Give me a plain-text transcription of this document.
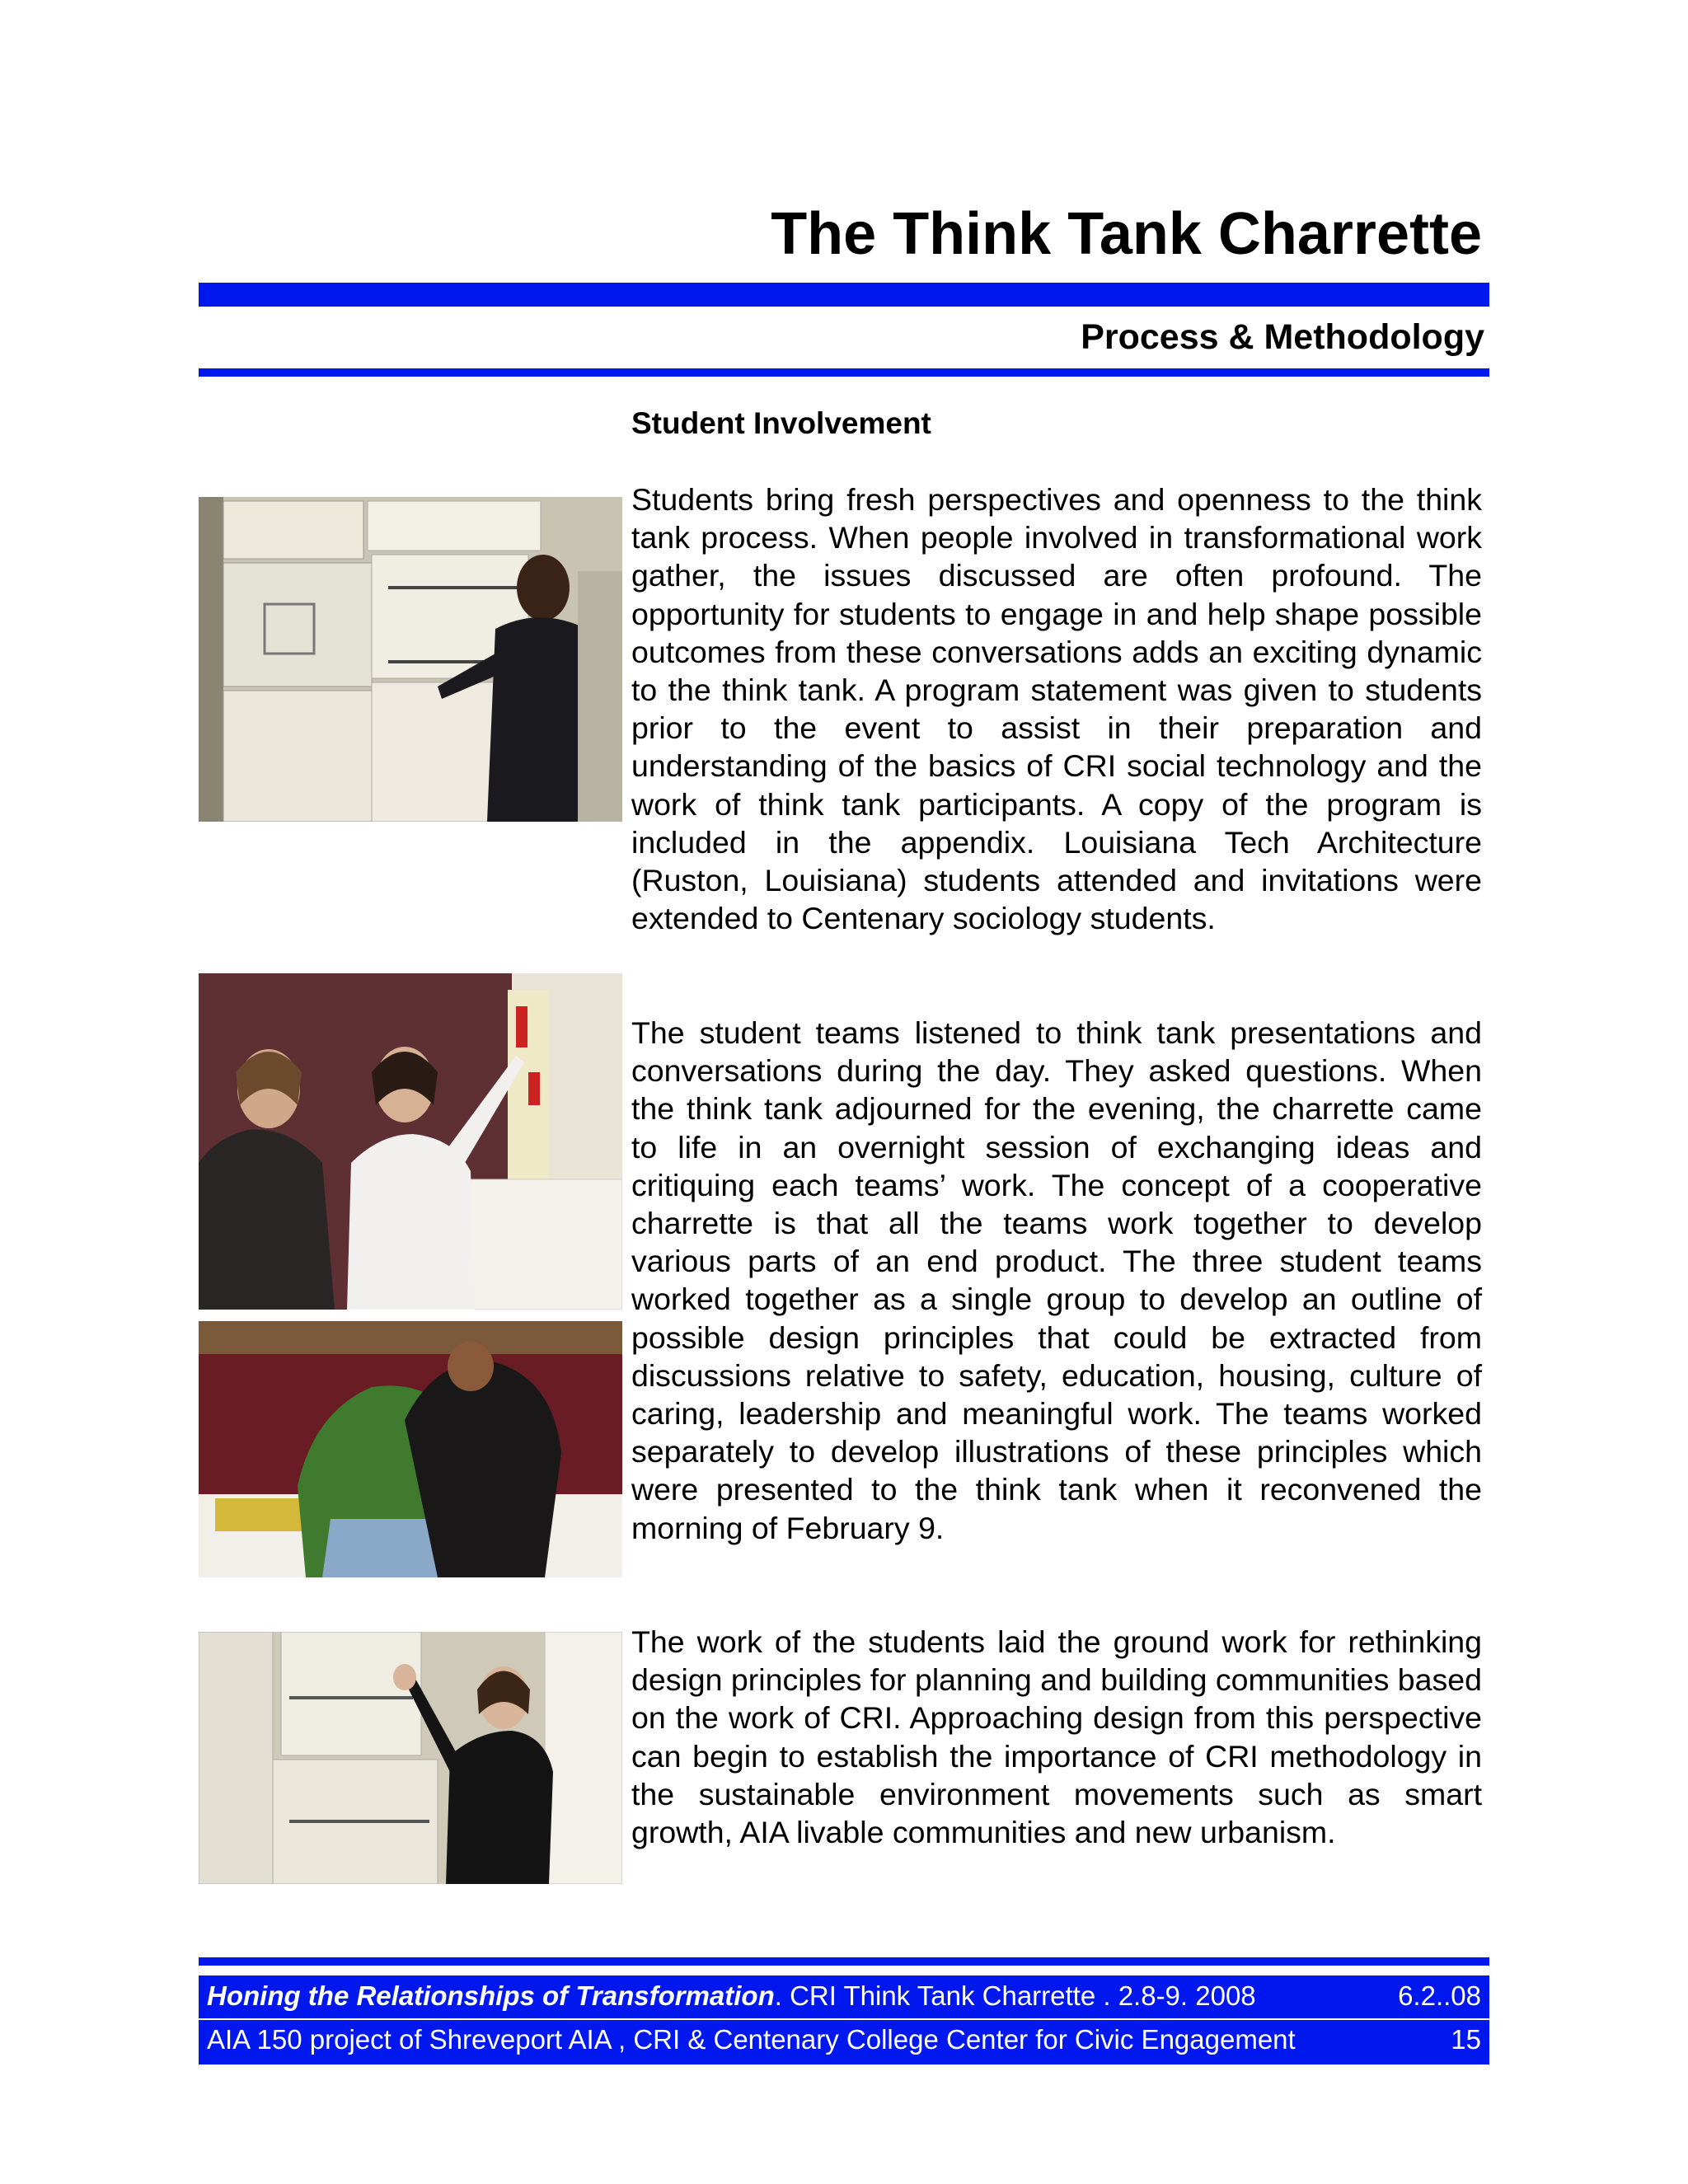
The Think Tank Charrette
Process & Methodology
Student Involvement

Students bring fresh perspectives and openness to the think tank process. When people involved in transformational work gather, the issues discussed are often profound. The opportunity for students to engage in and help shape possible outcomes from these conversations adds an exciting dynamic to the think tank. A program statement was given to students prior to the event to assist in their preparation and understanding of the basics of CRI social technology and the work of think tank participants. A copy of the program is included in the appendix. Louisiana Tech Architecture (Ruston, Louisiana) students attended and invitations were extended to Centenary sociology students.

The student teams listened to think tank presentations and conversations during the day. They asked questions. When the think tank adjourned for the evening, the charrette came to life in an overnight session of exchanging ideas and critiquing each teams’ work. The concept of a cooperative charrette is that all the teams work together to develop various parts of an end product. The three student teams worked together as a single group to develop an outline of possible design principles that could be extracted from discussions relative to safety, education, housing, culture of caring, leadership and meaningful work. The teams worked separately to develop illustrations of these principles which were presented to the think tank when it reconvened the morning of February 9.

The work of the students laid the ground work for rethinking design principles for planning and building communities based on the work of CRI. Approaching design from this perspective can begin to establish the importance of CRI methodology in the sustainable environment movements such as smart growth, AIA livable communities and new urbanism.

Honing the Relationships of Transformation. CRI Think Tank Charrette . 2.8-9. 2008	6.2..08
AIA 150 project of Shreveport AIA , CRI & Centenary College Center for Civic Engagement	15
